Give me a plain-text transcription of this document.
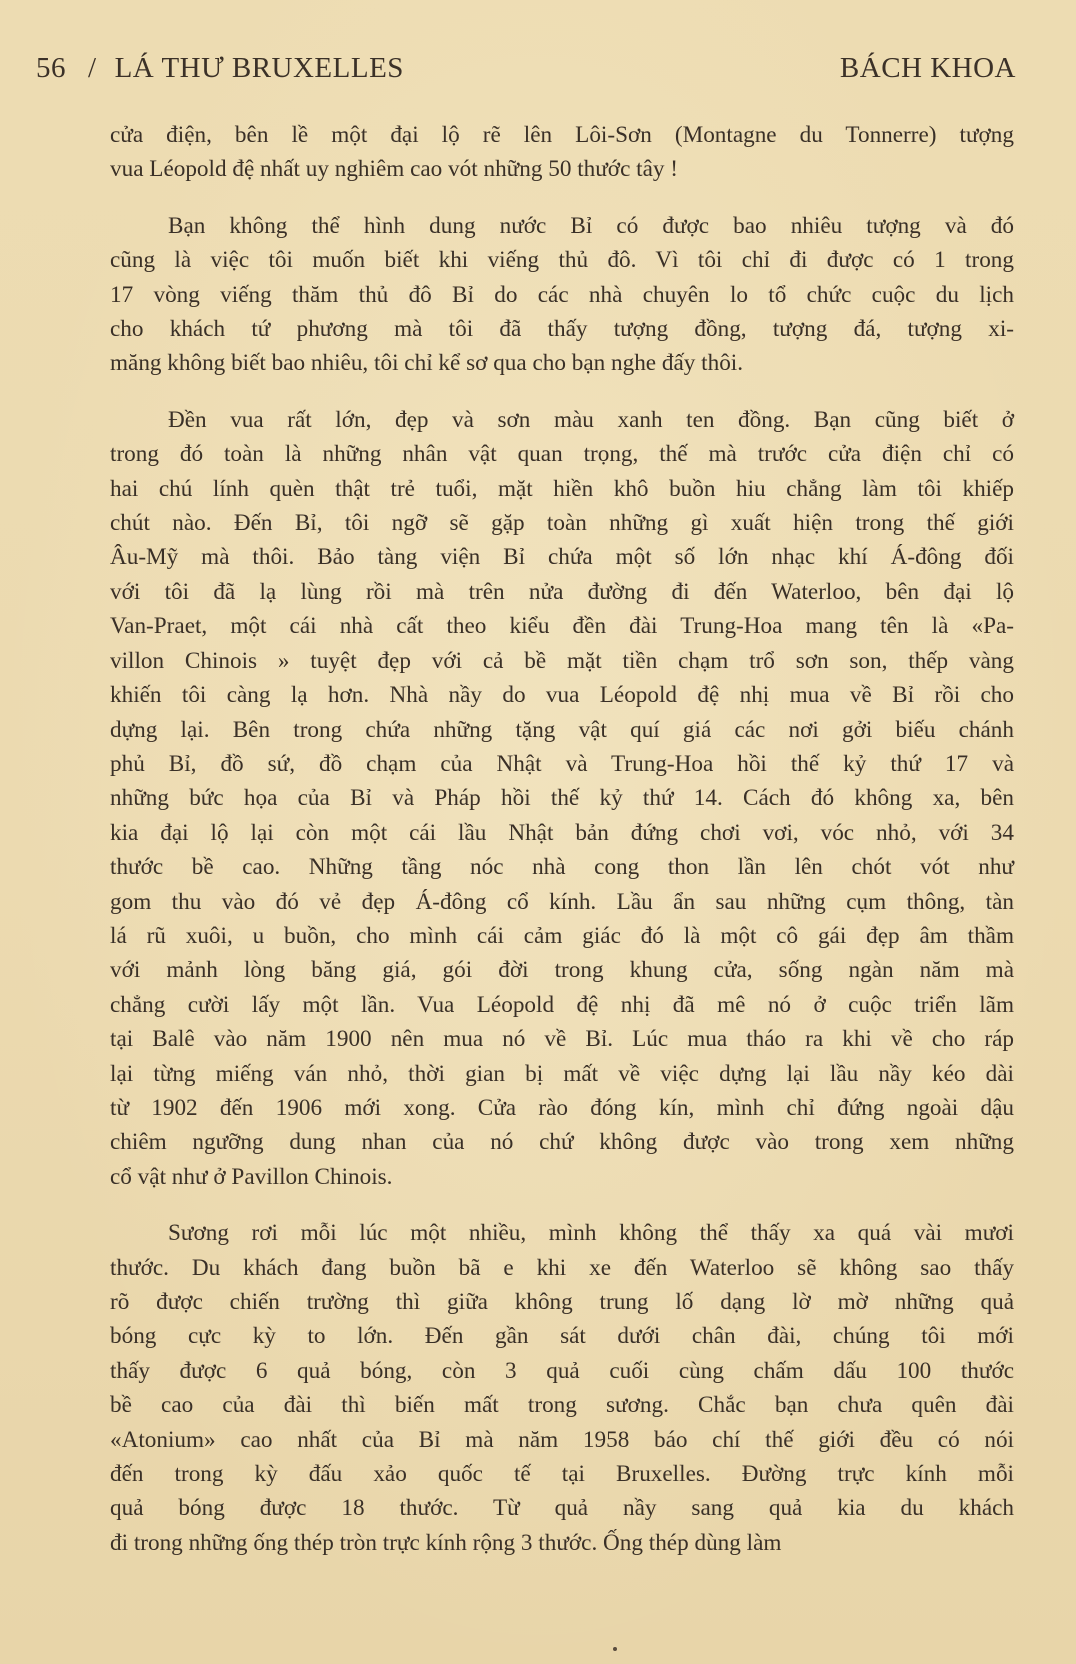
56 / LÁ THƯ BRUXELLES	BÁCH KHOA
cửa điện, bên lề một đại lộ rẽ lên Lôi-Sơn (Montagne du Tonnerre) tượng
vua Léopold đệ nhất uy nghiêm cao vót những 50 thước tây !
Bạn không thể hình dung nước Bỉ có được bao nhiêu tượng và đó
cũng là việc tôi muốn biết khi viếng thủ đô. Vì tôi chỉ đi được có 1 trong
17 vòng viếng thăm thủ đô Bỉ do các nhà chuyên lo tổ chức cuộc du lịch
cho khách tứ phương mà tôi đã thấy tượng đồng, tượng đá, tượng xi-
măng không biết bao nhiêu, tôi chỉ kể sơ qua cho bạn nghe đấy thôi.
Đền vua rất lớn, đẹp và sơn màu xanh ten đồng. Bạn cũng biết ở
trong đó toàn là những nhân vật quan trọng, thế mà trước cửa điện chỉ có
hai chú lính quèn thật trẻ tuổi, mặt hiền khô buồn hiu chẳng làm tôi khiếp
chút nào. Đến Bỉ, tôi ngỡ sẽ gặp toàn những gì xuất hiện trong thế giới
Âu-Mỹ mà thôi. Bảo tàng viện Bỉ chứa một số lớn nhạc khí Á-đông đối
với tôi đã lạ lùng rồi mà trên nửa đường đi đến Waterloo, bên đại lộ
Van-Praet, một cái nhà cất theo kiểu đền đài Trung-Hoa mang tên là «Pa-
villon Chinois » tuyệt đẹp với cả bề mặt tiền chạm trổ sơn son, thếp vàng
khiến tôi càng lạ hơn. Nhà nầy do vua Léopold đệ nhị mua về Bỉ rồi cho
dựng lại. Bên trong chứa những tặng vật quí giá các nơi gởi biếu chánh
phủ Bỉ, đồ sứ, đồ chạm của Nhật và Trung-Hoa hồi thế kỷ thứ 17 và
những bức họa của Bỉ và Pháp hồi thế kỷ thứ 14. Cách đó không xa, bên
kia đại lộ lại còn một cái lầu Nhật bản đứng chơi vơi, vóc nhỏ, với 34
thước bề cao. Những tầng nóc nhà cong thon lần lên chót vót như
gom thu vào đó vẻ đẹp Á-đông cổ kính. Lầu ẩn sau những cụm thông, tàn
lá rũ xuôi, u buồn, cho mình cái cảm giác đó là một cô gái đẹp âm thầm
với mảnh lòng băng giá, gói đời trong khung cửa, sống ngàn năm mà
chẳng cười lấy một lần. Vua Léopold đệ nhị đã mê nó ở cuộc triển lãm
tại Balê vào năm 1900 nên mua nó về Bỉ. Lúc mua tháo ra khi về cho ráp
lại từng miếng ván nhỏ, thời gian bị mất về việc dựng lại lầu nầy kéo dài
từ 1902 đến 1906 mới xong. Cửa rào đóng kín, mình chỉ đứng ngoài dậu
chiêm ngưỡng dung nhan của nó chứ không được vào trong xem những
cổ vật như ở Pavillon Chinois.
Sương rơi mỗi lúc một nhiều, mình không thể thấy xa quá vài mươi
thước. Du khách đang buồn bã e khi xe đến Waterloo sẽ không sao thấy
rõ được chiến trường thì giữa không trung lố dạng lờ mờ những quả
bóng cực kỳ to lớn. Đến gần sát dưới chân đài, chúng tôi mới
thấy được 6 quả bóng, còn 3 quả cuối cùng chấm dấu 100 thước
bề cao của đài thì biến mất trong sương. Chắc bạn chưa quên đài
«Atonium» cao nhất của Bỉ mà năm 1958 báo chí thế giới đều có nói
đến trong kỳ đấu xảo quốc tế tại Bruxelles. Đường trực kính mỗi
quả bóng được 18 thước. Từ quả nầy sang quả kia du khách
đi trong những ống thép tròn trực kính rộng 3 thước. Ống thép dùng làm
